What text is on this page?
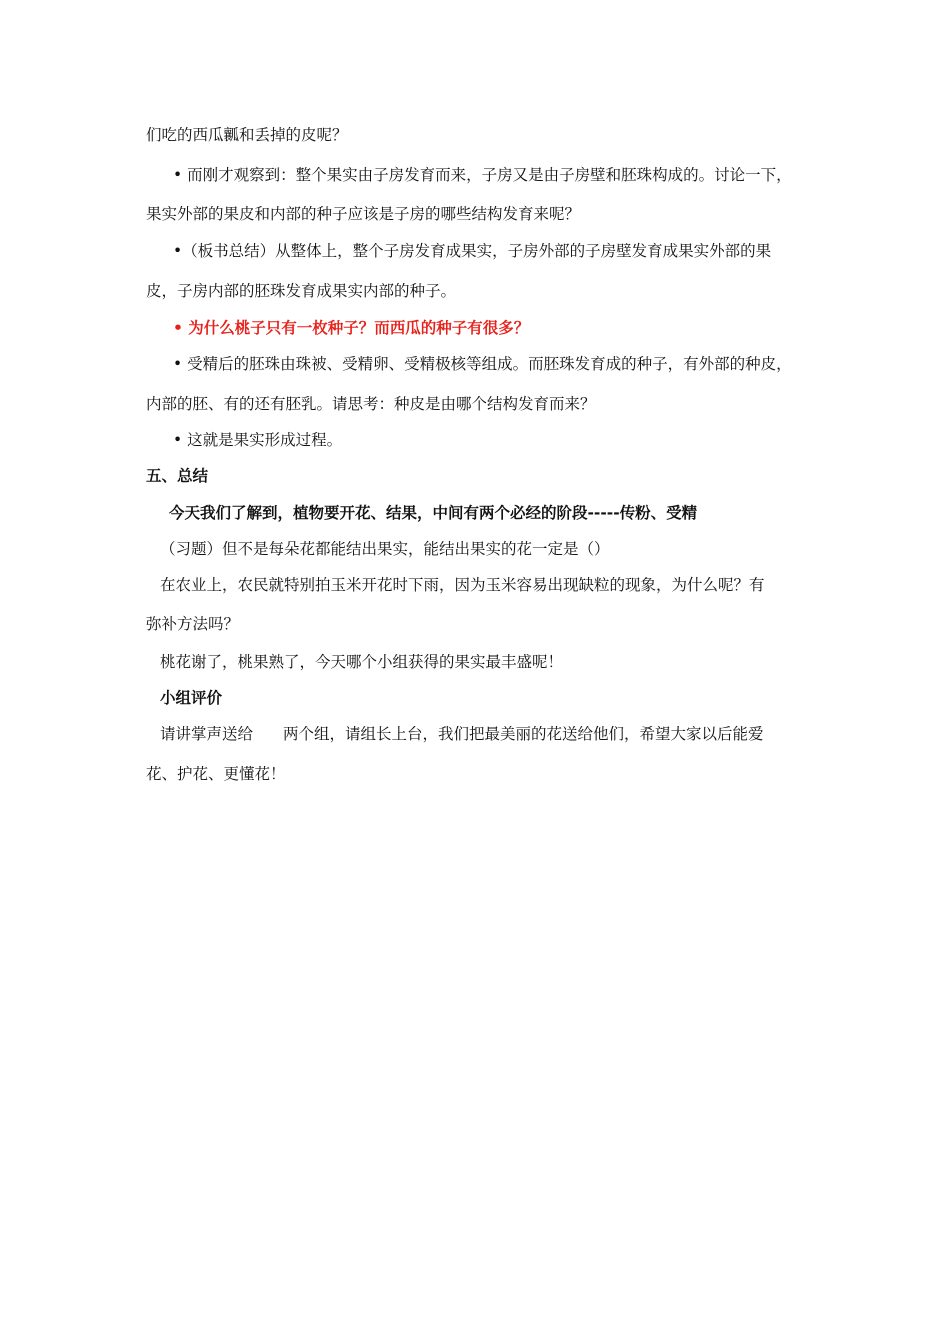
们吃的西瓜瓤和丢掉的皮呢？
• 而刚才观察到：整个果实由子房发育而来，子房又是由子房壁和胚珠构成的。讨论一下，
果实外部的果皮和内部的种子应该是子房的哪些结构发育来呢？
•（板书总结）从整体上，整个子房发育成果实，子房外部的子房壁发育成果实外部的果
皮，子房内部的胚珠发育成果实内部的种子。
• 为什么桃子只有一枚种子？而西瓜的种子有很多？
• 受精后的胚珠由珠被、受精卵、受精极核等组成。而胚珠发育成的种子，有外部的种皮，
内部的胚、有的还有胚乳。请思考：种皮是由哪个结构发育而来？
• 这就是果实形成过程。
五、总结
今天我们了解到，植物要开花、结果，中间有两个必经的阶段-----传粉、受精
（习题）但不是每朵花都能结出果实，能结出果实的花一定是（）
在农业上，农民就特别拍玉米开花时下雨，因为玉米容易出现缺粒的现象，为什么呢？有
弥补方法吗？
桃花谢了，桃果熟了，今天哪个小组获得的果实最丰盛呢！
小组评价
请讲掌声送给 两个组，请组长上台，我们把最美丽的花送给他们，希望大家以后能爱
花、护花、更懂花！
